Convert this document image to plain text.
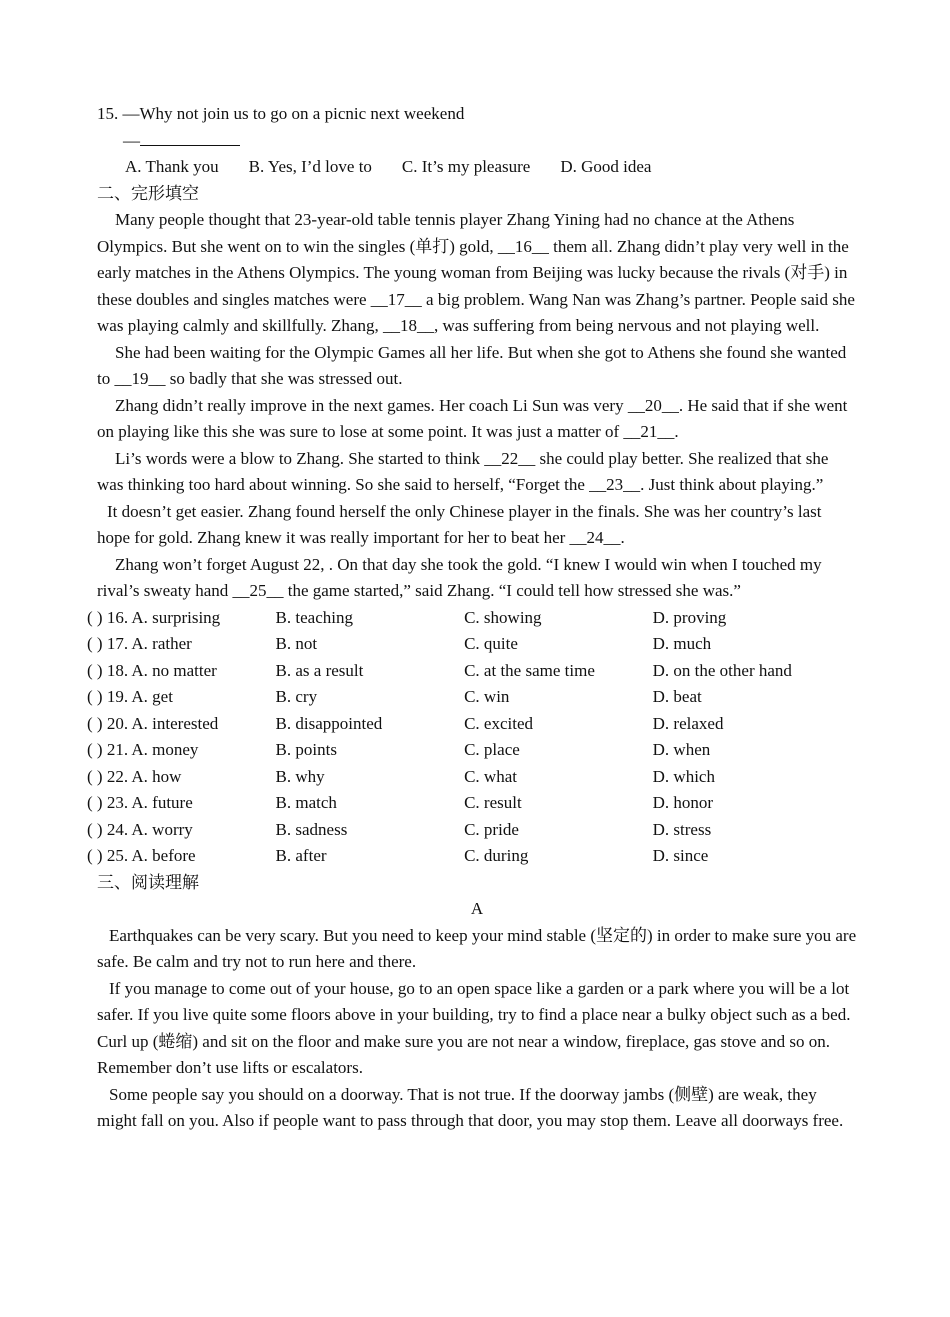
15. —Why not join us to go on a picnic next weekend
—
A. Thank you B. Yes, I’d love to C. It’s my pleasure D. Good idea
二、完形填空
Many people thought that 23-year-old table tennis player Zhang Yining had no chance at the Athens Olympics. But she went on to win the singles (单打) gold, __16__ them all. Zhang didn’t play very well in the early matches in the Athens Olympics. The young woman from Beijing was lucky because the rivals (对手) in these doubles and singles matches were __17__ a big problem. Wang Nan was Zhang’s partner. People said she was playing calmly and skillfully. Zhang, __18__, was suffering from being nervous and not playing well.
She had been waiting for the Olympic Games all her life. But when she got to Athens she found she wanted to __19__ so badly that she was stressed out.
Zhang didn’t really improve in the next games. Her coach Li Sun was very __20__. He said that if she went on playing like this she was sure to lose at some point. It was just a matter of __21__.
Li’s words were a blow to Zhang. She started to think __22__ she could play better. She realized that she was thinking too hard about winning. So she said to herself, “Forget the __23__. Just think about playing.”
It doesn’t get easier. Zhang found herself the only Chinese player in the finals. She was her country’s last hope for gold. Zhang knew it was really important for her to beat her __24__.
Zhang won’t forget August 22, . On that day she took the gold. “I knew I would win when I touched my rival’s sweaty hand __25__ the game started,” said Zhang. “I could tell how stressed she was.”
( ) 16. A. surprising	B. teaching	C. showing	D. proving
( ) 17. A. rather	B. not	C. quite	D. much
( ) 18. A. no matter	B. as a result	C. at the same time	D. on the other hand
( ) 19. A. get	B. cry	C. win	D. beat
( ) 20. A. interested	B. disappointed	C. excited	D. relaxed
( ) 21. A. money	B. points	C. place	D. when
( ) 22. A. how	B. why	C. what	D. which
( ) 23. A. future	B. match	C. result	D. honor
( ) 24. A. worry	B. sadness	C. pride	D. stress
( ) 25. A. before	B. after	C. during	D. since
三、阅读理解
A
Earthquakes can be very scary. But you need to keep your mind stable (坚定的) in order to make sure you are safe. Be calm and try not to run here and there.
If you manage to come out of your house, go to an open space like a garden or a park where you will be a lot safer. If you live quite some floors above in your building, try to find a place near a bulky object such as a bed. Curl up (蜷缩) and sit on the floor and make sure you are not near a window, fireplace, gas stove and so on. Remember don’t use lifts or escalators.
Some people say you should on a doorway. That is not true. If the doorway jambs (侧壁) are weak, they might fall on you. Also if people want to pass through that door, you may stop them. Leave all doorways free.
